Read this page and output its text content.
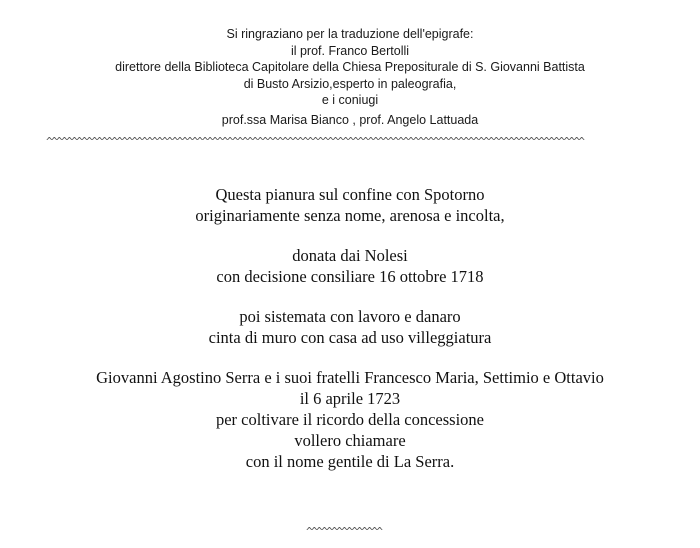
Si ringraziano per la traduzione dell'epigrafe:
il prof. Franco Bertolli
direttore della Biblioteca Capitolare della Chiesa Prepositurale di S. Giovanni Battista
di Busto Arsizio,esperto in paleografia,
e i coniugi
prof.ssa Marisa Bianco , prof. Angelo Lattuada
^^^^^^^^^^^^^^^^^^^^^^^^^^^^^^^^^^^^^^^^^^^^^^^^^^^^^^^^^^^^^^^^^^^^^^^^^^^^^^^^^^^^^^^^^^^^^^^^^^^^^^^^^^^
Questa pianura sul confine con Spotorno
originariamente senza nome, arenosa e incolta,
donata dai Nolesi
con decisione consiliare 16 ottobre 1718
poi sistemata con lavoro e danaro
cinta di muro con casa ad uso villeggiatura
Giovanni Agostino Serra e i suoi fratelli Francesco Maria, Settimio e Ottavio
il 6 aprile 1723
per coltivare il ricordo della concessione
vollero chiamare
con il nome gentile di La Serra.
^^^^^^^^^^^^^^^
